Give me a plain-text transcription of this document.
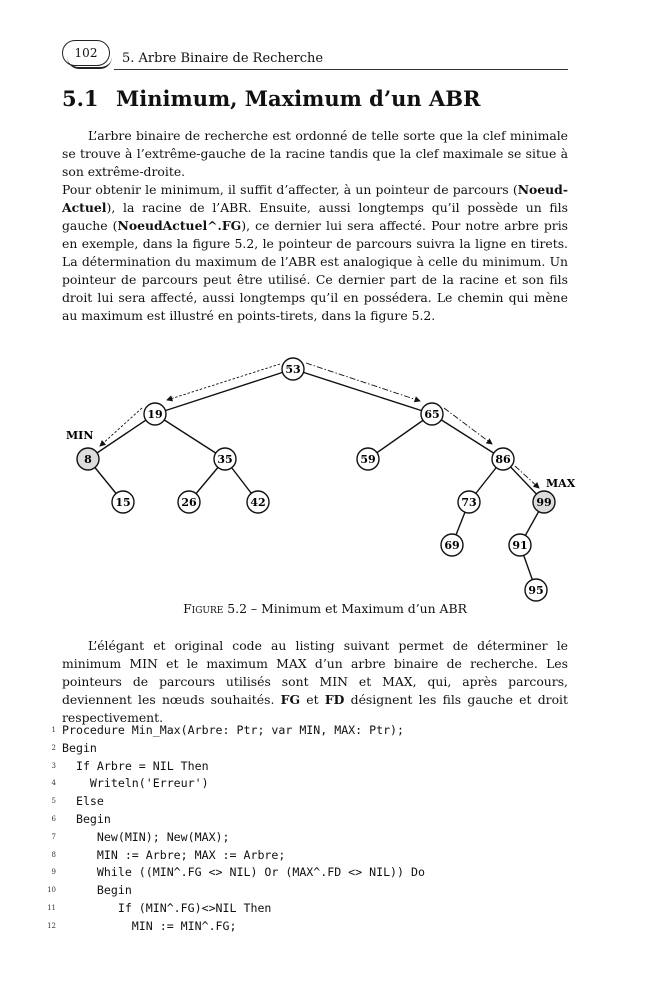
102	5. Arbre Binaire de Recherche
5.1 Minimum, Maximum d’un ABR

L’arbre binaire de recherche est ordonné de telle sorte que la clef minimale se trouve à l’extrême-gauche de la racine tandis que la clef maximale se situe à son extrême-droite.

Pour obtenir le minimum, il suffit d’affecter, à un pointeur de parcours (NoeudActuel), la racine de l’ABR. Ensuite, aussi longtemps qu’il possède un fils gauche (NoeudActuel^.FG), ce dernier lui sera affecté. Pour notre arbre pris en exemple, dans la figure 5.2, le pointeur de parcours suivra la ligne en tirets. La détermination du maximum de l’ABR est analogique à celle du minimum. Un pointeur de parcours peut être utilisé. Ce dernier part de la racine et son fils droit lui sera affecté, aussi longtemps qu’il en possédera. Le chemin qui mène au maximum est illustré en points-tirets, dans la figure 5.2.

MIN
MAX
53
19	65
8	35	59	86
15	26	42	73	99
69	91
95
Figure 5.2 – Minimum et Maximum d’un ABR

L’élégant et original code au listing suivant permet de déterminer le minimum MIN et le maximum MAX d’un arbre binaire de recherche. Les pointeurs de parcours utilisés sont MIN et MAX, qui, après parcours, deviennent les nœuds souhaités. FG et FD désignent les fils gauche et droit respectivement.

1 Procedure Min_Max(Arbre: Ptr; var MIN, MAX: Ptr);
2 Begin
3 If Arbre = NIL Then
4 Writeln('Erreur')
5 Else
6 Begin
7 New(MIN); New(MAX);
8 MIN := Arbre; MAX := Arbre;
9 While ((MIN^.FG <> NIL) Or (MAX^.FD <> NIL)) Do
10 Begin
11 If (MIN^.FG)<>NIL Then
12 MIN := MIN^.FG;
